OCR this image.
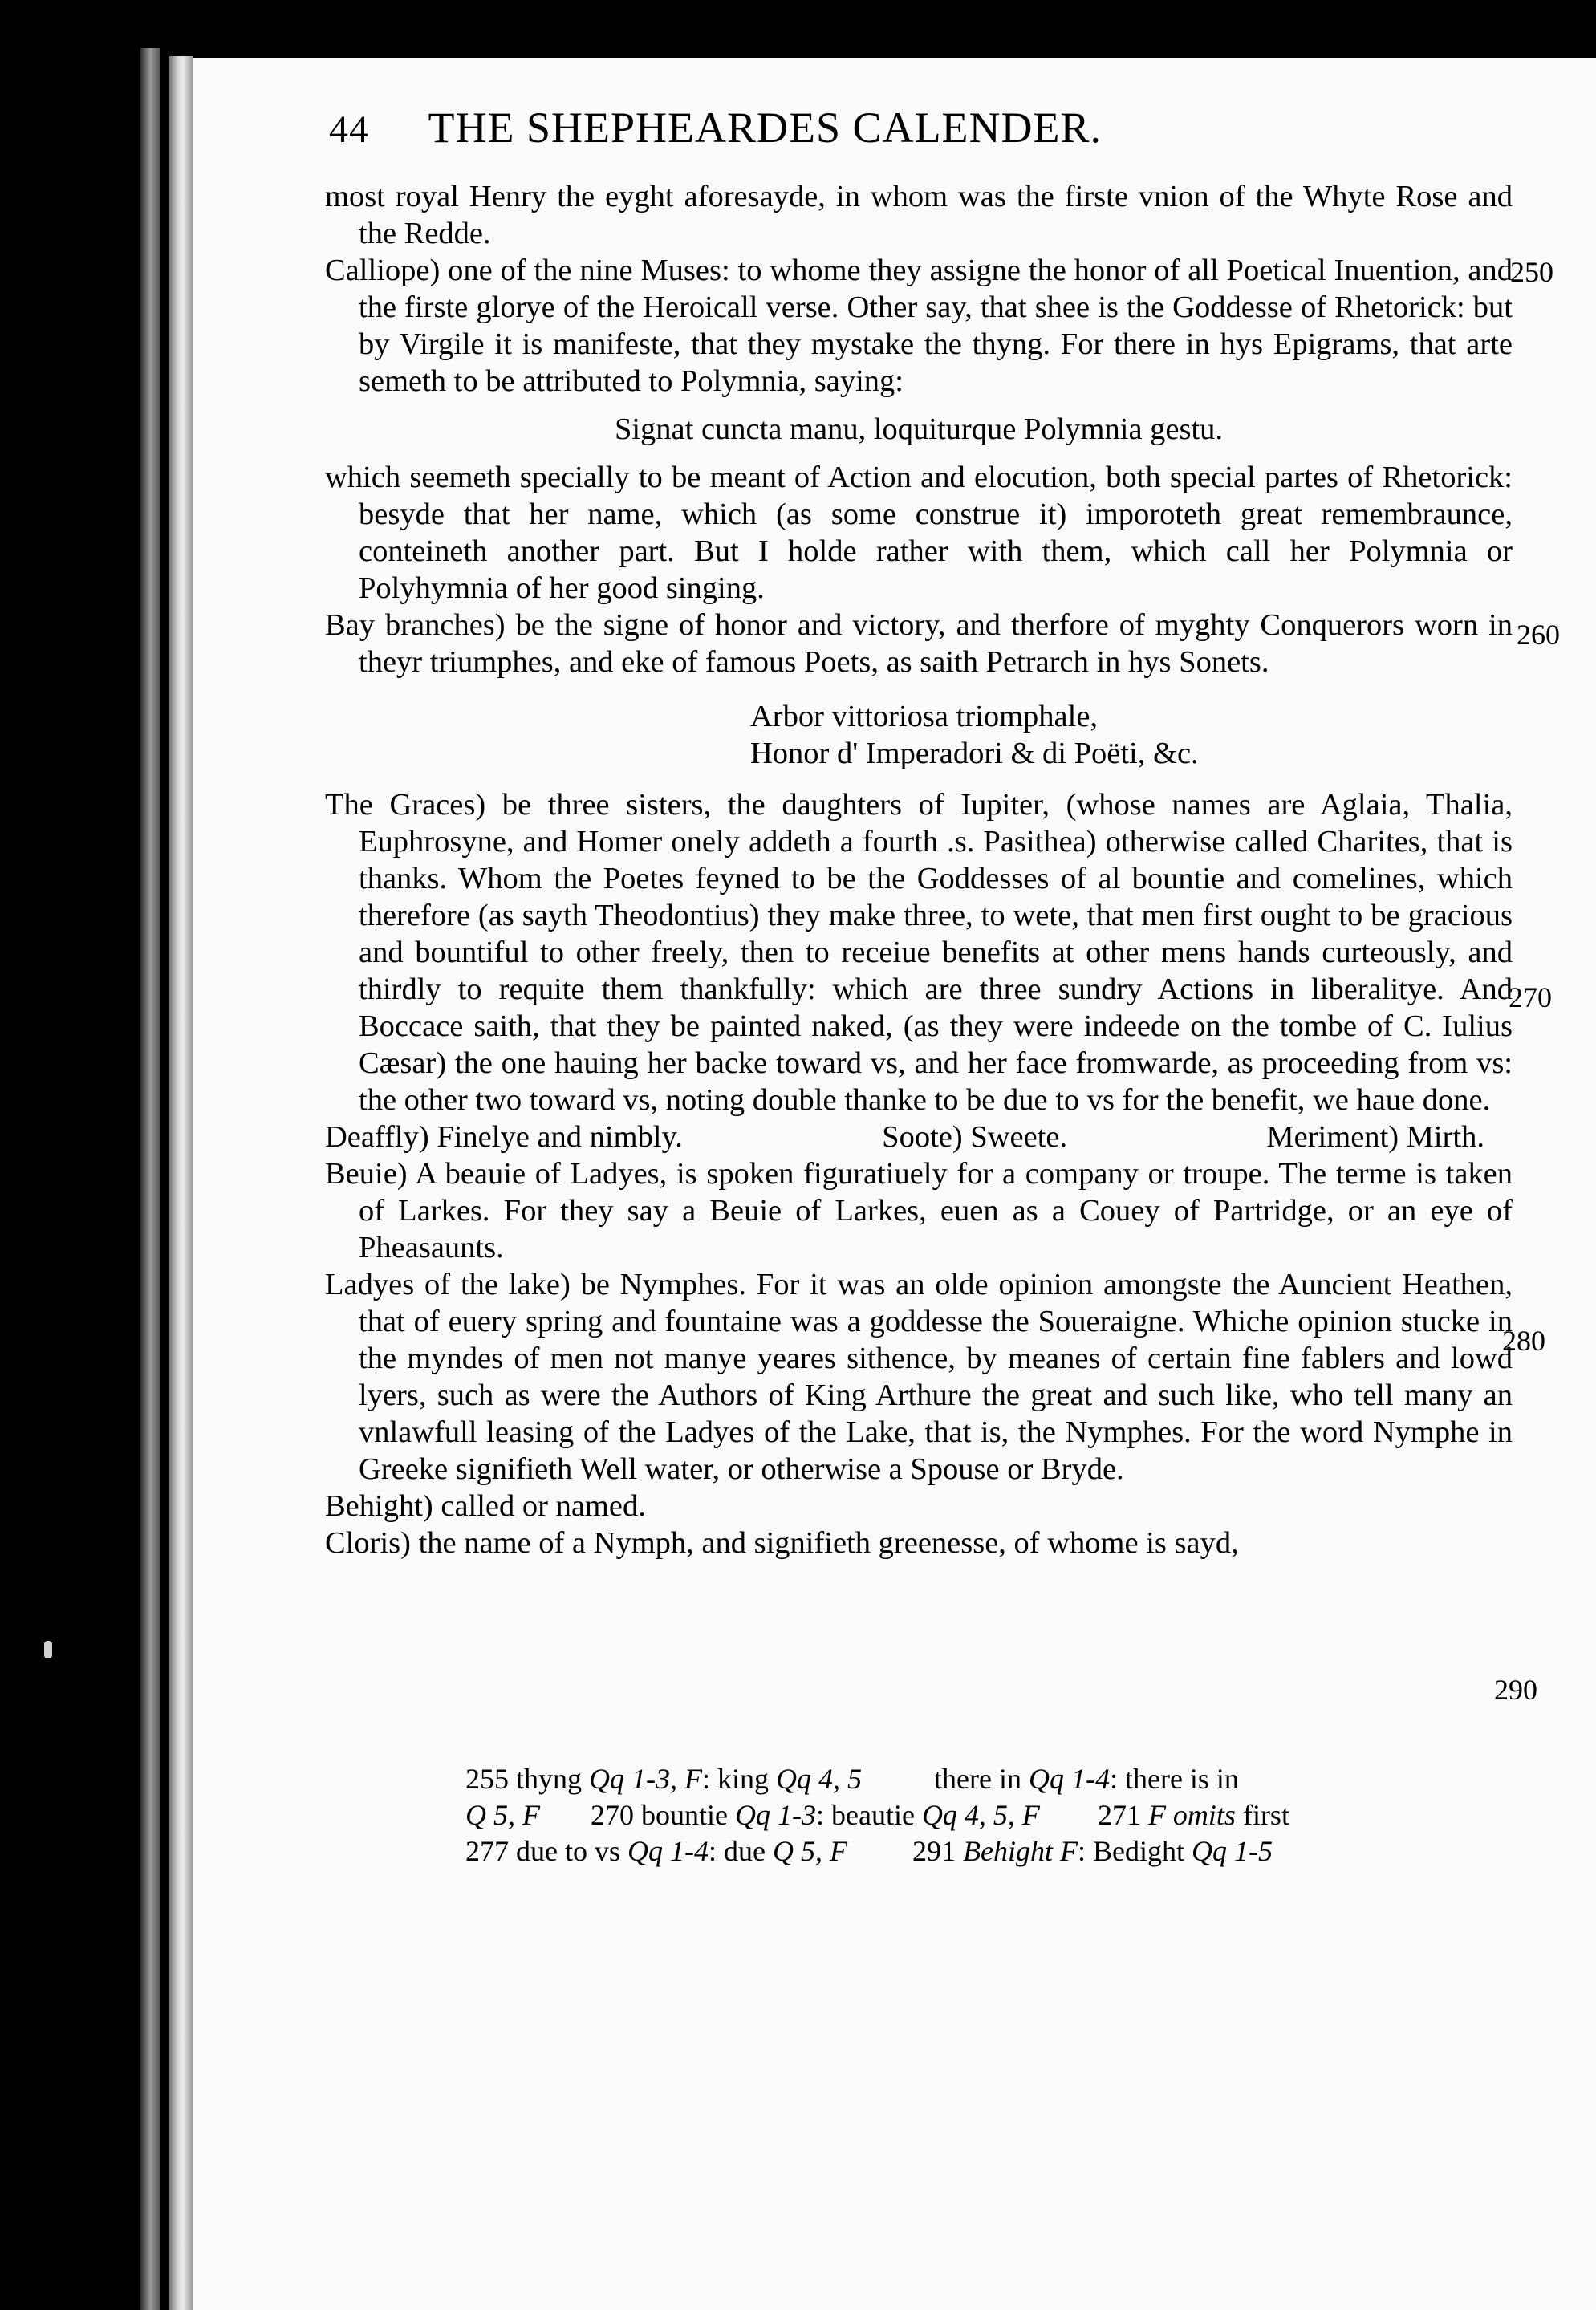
44 THE SHEPHEARDES CALENDER.

most royal Henry the eyght aforesayde, in whom was the firste vnion of the Whyte Rose and the Redde.

Calliope) one of the nine Muses: to whome they assigne the honor of all Poetical Inuention, and the firste glorye of the Heroicall verse. Other say, that shee is the Goddesse of Rhetorick: but by Virgile it is manifeste, that they mystake the thyng. For there in hys Epigrams, that arte semeth to be attributed to Polymnia, saying:

Signat cuncta manu, loquiturque Polymnia gestu.

which seemeth specially to be meant of Action and elocution, both special partes of Rhetorick: besyde that her name, which (as some construe it) imporoteth great remembraunce, conteineth another part. But I holde rather with them, which call her Polymnia or Polyhymnia of her good singing.

Bay branches) be the signe of honor and victory, and therfore of myghty Conquerors worn in theyr triumphes, and eke of famous Poets, as saith Petrarch in hys Sonets.

Arbor vittoriosa triomphale,
Honor d' Imperadori & di Poëti, &c.

The Graces) be three sisters, the daughters of Iupiter, (whose names are Aglaia, Thalia, Euphrosyne, and Homer onely addeth a fourth .s. Pasithea) otherwise called Charites, that is thanks. Whom the Poetes feyned to be the Goddesses of al bountie and comelines, which therefore (as sayth Theodontius) they make three, to wete, that men first ought to be gracious and bountiful to other freely, then to receiue benefits at other mens hands curteously, and thirdly to requite them thankfully: which are three sundry Actions in liberalitye. And Boccace saith, that they be painted naked, (as they were indeede on the tombe of C. Iulius Cæsar) the one hauing her backe toward vs, and her face fromwarde, as proceeding from vs: the other two toward vs, noting double thanke to be due to vs for the benefit, we haue done.

Deaffly) Finelye and nimbly.	Soote) Sweete.	Meriment) Mirth.

Beuie) A beauie of Ladyes, is spoken figuratiuely for a company or troupe. The terme is taken of Larkes. For they say a Beuie of Larkes, euen as a Couey of Partridge, or an eye of Pheasaunts.

Ladyes of the lake) be Nymphes. For it was an olde opinion amongste the Auncient Heathen, that of euery spring and fountaine was a goddesse the Soueraigne. Whiche opinion stucke in the myndes of men not manye yeares sithence, by meanes of certain fine fablers and lowd lyers, such as were the Authors of King Arthure the great and such like, who tell many an vnlawfull leasing of the Ladyes of the Lake, that is, the Nymphes. For the word Nymphe in Greeke signifieth Well water, or otherwise a Spouse or Bryde.

Behight) called or named.

Cloris) the name of a Nymph, and signifieth greenesse, of whome is sayd,

250
260
270
280
290
255 thyng Qq 1-3, F: king Qq 4, 5	there in Qq 1-4: there is in
Q 5, F 270 bountie Qq 1-3: beautie Qq 4, 5, F 271 F omits first
277 due to vs Qq 1-4: due Q 5, F 291 Behight F: Bedight Qq 1-5
